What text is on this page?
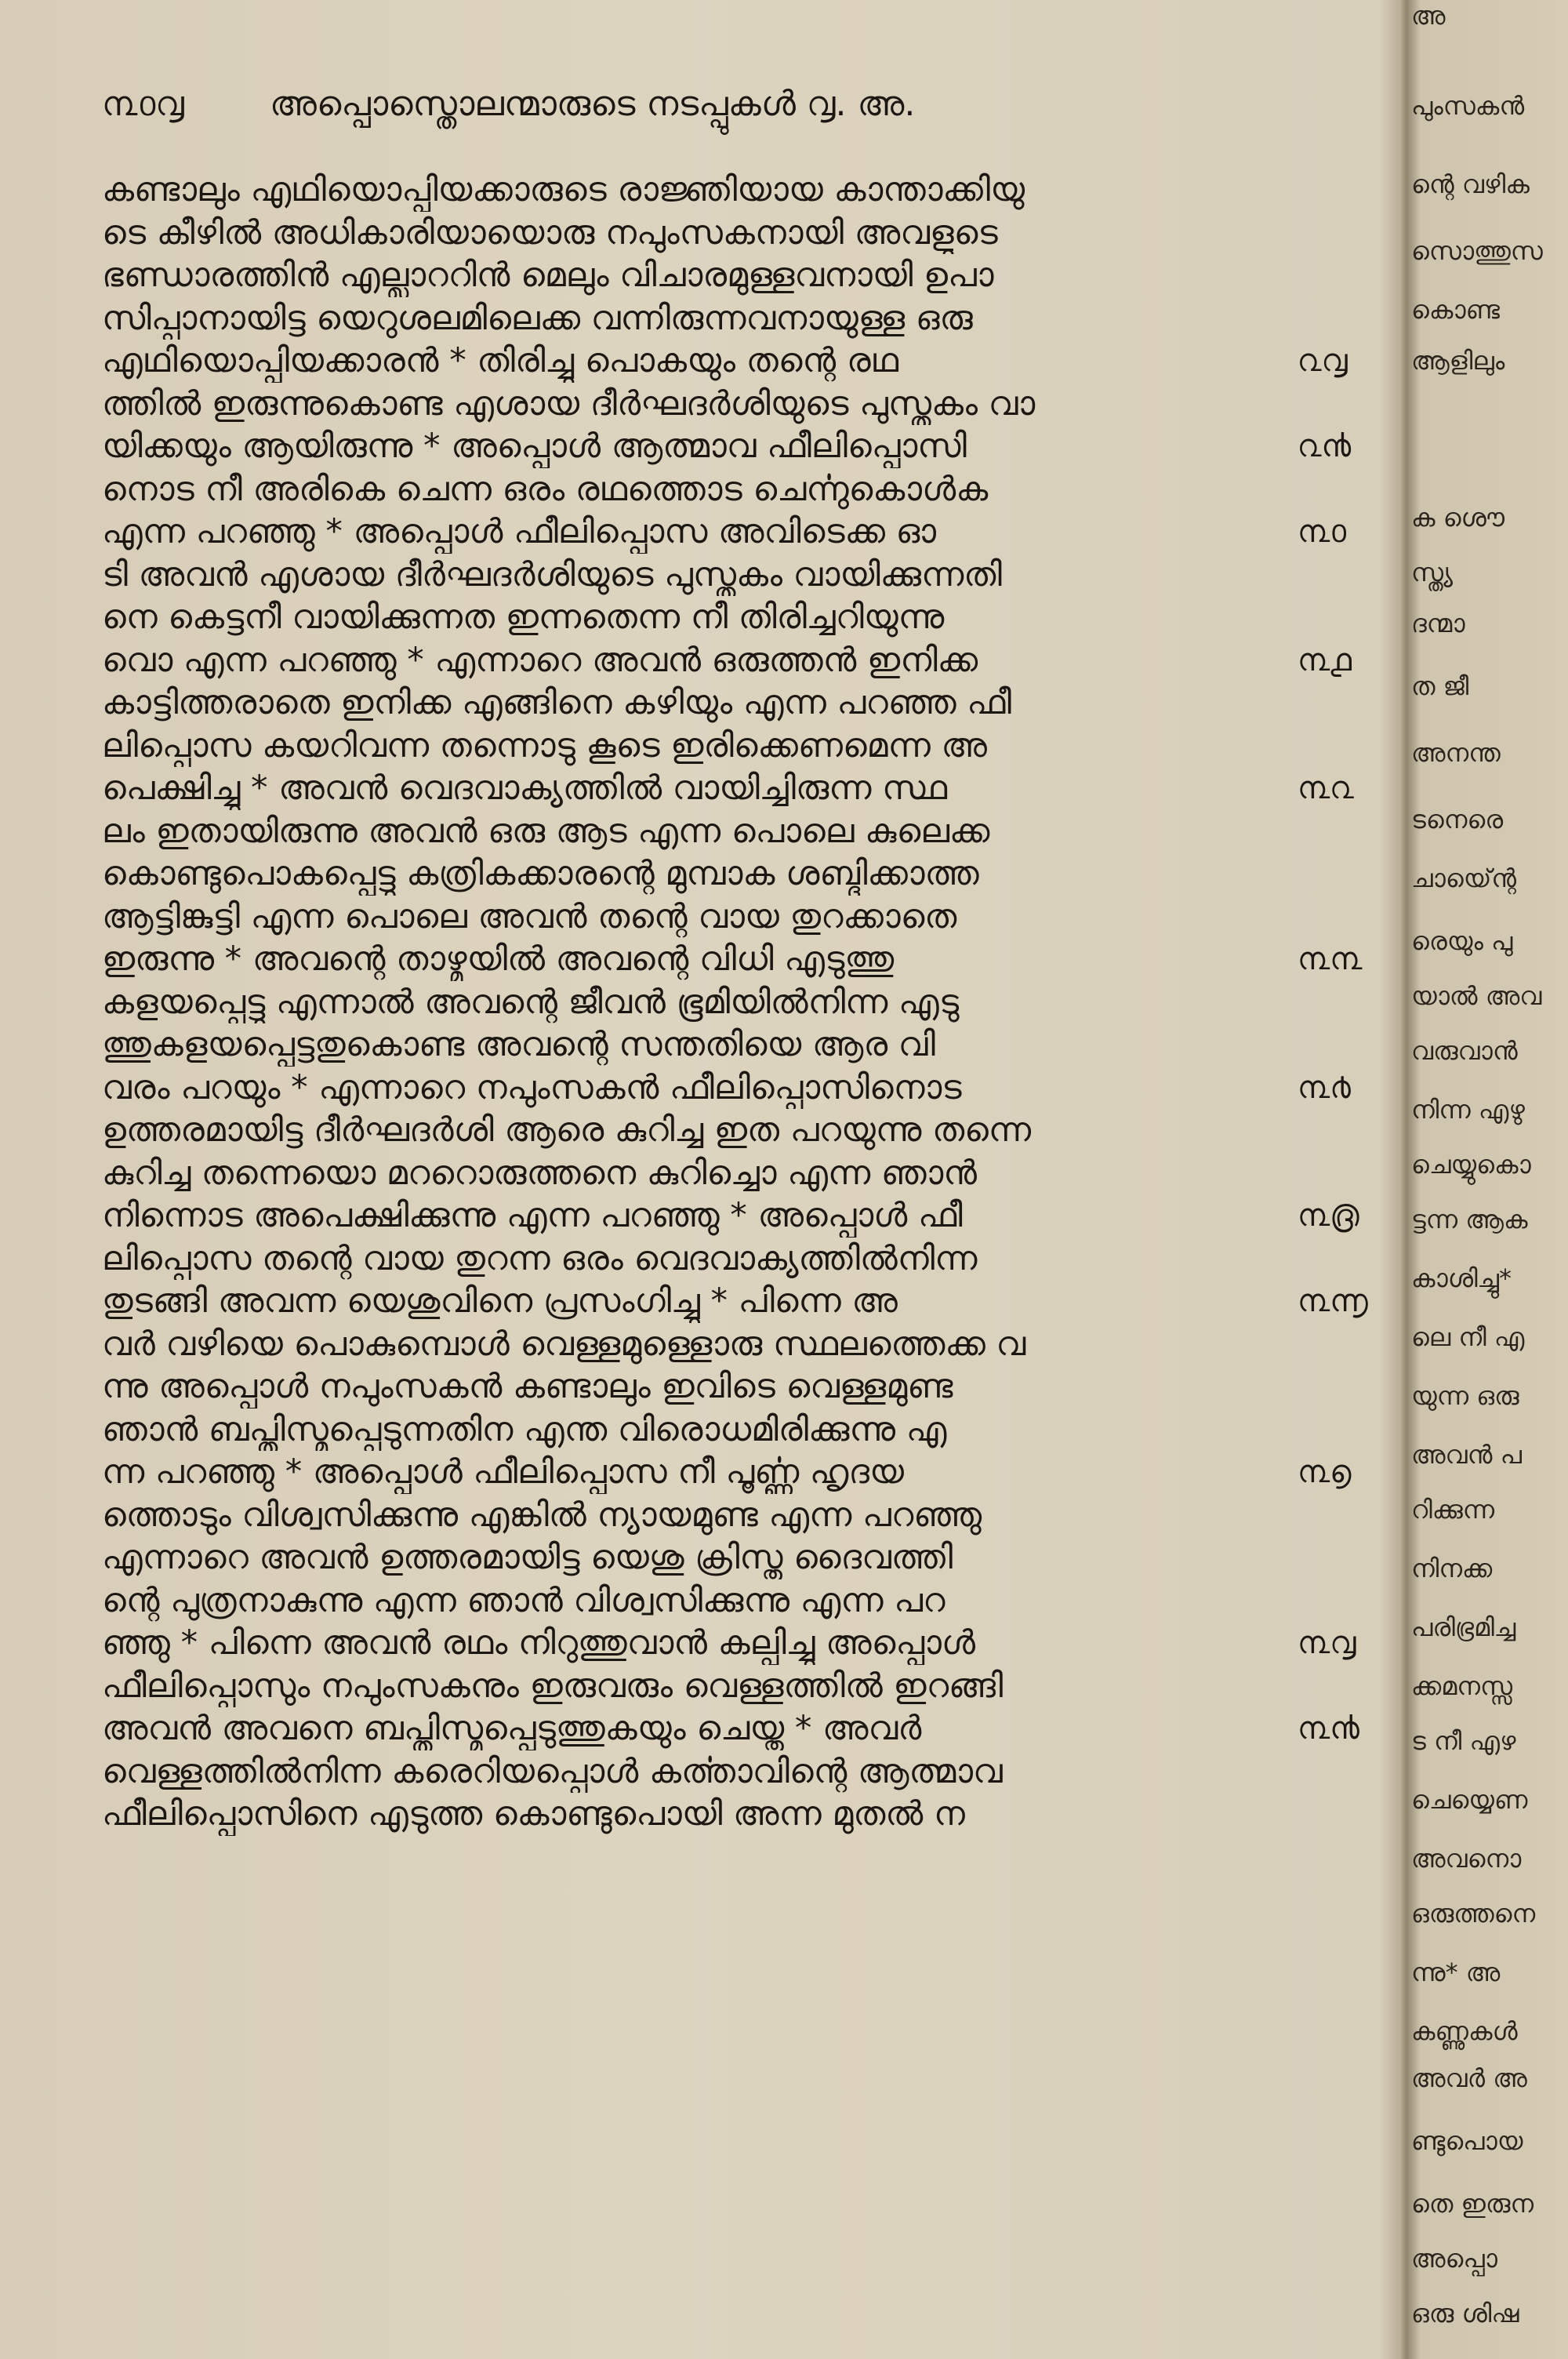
൩൦൮ അപ്പൊസ്തൊലന്മാരുടെ നടപ്പുകൾ ൮. അ.
കണ്ടാലും എഥിയൊപ്പിയക്കാരുടെ രാജ്ഞിയായ കാന്താക്കിയു
ടെ കീഴിൽ അധികാരിയായൊരു നപുംസകനായി അവളുടെ
ഭണ്ഡാരത്തിൻ എല്ലാററിൻ മെലും വിചാരമുള്ളവനായി ഉപാ
സിപ്പാനായിട്ട യെറുശലമിലെക്ക വന്നിരുന്നവനായുള്ള ഒരു
എഥിയൊപ്പിയക്കാരൻ * തിരിച്ചു പൊകയും തന്റെ രഥ
ത്തിൽ ഇരുന്നുകൊണ്ട എശായ ദീർഘദർശിയുടെ പുസ്തകം വാ
യിക്കയും ആയിരുന്നു * അപ്പൊൾ ആത്മാവ ഫീലിപ്പൊസി
നൊട നീ അരികെ ചെന്ന ഒരം രഥത്തൊട ചെൎന്നുകൊൾക
എന്ന പറഞ്ഞു * അപ്പൊൾ ഫീലിപ്പൊസ അവിടെക്ക ഓ
ടി അവൻ എശായ ദീർഘദർശിയുടെ പുസ്തകം വായിക്കുന്നതി
നെ കെട്ടനീ വായിക്കുന്നത ഇന്നതെന്ന നീ തിരിച്ചറിയുന്നു
വൊ എന്ന പറഞ്ഞു * എന്നാറെ അവൻ ഒരുത്തൻ ഇനിക്ക
കാട്ടിത്തരാതെ ഇനിക്ക എങ്ങിനെ കഴിയും എന്ന പറഞ്ഞ ഫീ
ലിപ്പൊസ കയറിവന്ന തന്നൊടു കൂടെ ഇരിക്കെണമെന്ന അ
പെക്ഷിച്ചു * അവൻ വെദവാക്യത്തിൽ വായിച്ചിരുന്ന സ്ഥ
ലം ഇതായിരുന്നു അവൻ ഒരു ആട എന്ന പൊലെ കുലെക്ക
കൊണ്ടുപൊകപ്പെട്ടു കത്രികക്കാരന്റെ മുമ്പാക ശബ്ദിക്കാത്ത
ആട്ടിങ്കുട്ടി എന്ന പൊലെ അവൻ തന്റെ വായ തുറക്കാതെ
ഇരുന്നു * അവന്റെ താഴ്മയിൽ അവന്റെ വിധി എടുത്തു
കളയപ്പെട്ടു എന്നാൽ അവന്റെ ജീവൻ ഭൂമിയിൽനിന്ന എടു
ത്തുകളയപ്പെട്ടതുകൊണ്ട അവന്റെ സന്തതിയെ ആര വി
വരം പറയും * എന്നാറെ നപുംസകൻ ഫീലിപ്പൊസിനൊട
ഉത്തരമായിട്ട ദീർഘദർശി ആരെ കുറിച്ച ഇത പറയുന്നു തന്നെ
കുറിച്ച തന്നെയൊ മററൊരുത്തനെ കുറിച്ചൊ എന്ന ഞാൻ
നിന്നൊട അപെക്ഷിക്കുന്നു എന്ന പറഞ്ഞു * അപ്പൊൾ ഫീ
ലിപ്പൊസ തന്റെ വായ തുറന്ന ഒരം വെദവാക്യത്തിൽനിന്ന
തുടങ്ങി അവന്ന യെശുവിനെ പ്രസംഗിച്ചു * പിന്നെ അ
വർ വഴിയെ പൊകുമ്പൊൾ വെള്ളമുള്ളൊരു സ്ഥലത്തെക്ക വ
ന്നു അപ്പൊൾ നപുംസകൻ കണ്ടാലും ഇവിടെ വെള്ളമുണ്ട
ഞാൻ ബപ്തിസ്മപ്പെടുന്നതിന എന്ത വിരൊധമിരിക്കുന്നു എ
ന്ന പറഞ്ഞു * അപ്പൊൾ ഫീലിപ്പൊസ നീ പൂൎണ്ണ ഹൃദയ
ത്തൊടും വിശ്വസിക്കുന്നു എങ്കിൽ ന്യായമുണ്ട എന്ന പറഞ്ഞു
എന്നാറെ അവൻ ഉത്തരമായിട്ട യെശു ക്രിസ്തു ദൈവത്തി
ന്റെ പുത്രനാകുന്നു എന്ന ഞാൻ വിശ്വസിക്കുന്നു എന്ന പറ
ഞ്ഞു * പിന്നെ അവൻ രഥം നിറുത്തുവാൻ കല്പിച്ചു അപ്പൊൾ
ഫീലിപ്പൊസും നപുംസകനും ഇരുവരും വെള്ളത്തിൽ ഇറങ്ങി
അവൻ അവനെ ബപ്തിസ്മപ്പെടുത്തുകയും ചെയ്തു * അവർ
വെള്ളത്തിൽനിന്ന കരെറിയപ്പൊൾ കൎത്താവിന്റെ ആത്മാവ
ഫീലിപ്പൊസിനെ എടുത്ത കൊണ്ടുപൊയി അന്ന മുതൽ ന
൨൮
൨൯
൩൦
൩൧
൩൨
൩൩
൩൪
൩൫
൩൬
൩൭
൩൮
൩൯
അ
പുംസകൻ
ന്റെ വഴിക
സൊത്തുസ
കൊണ്ട
ആളിലും
ക ശൌ
സ്ത്യ
ദന്മാ
ത ജീ
അനന്ത
ടനെരെ
ചായ്ന്റെ
രെയും പു
യാൽ അവ
വരുവാൻ
നിന്ന എഴു
ചെയ്യുകൊ
ട്ടന്ന ആക
കാശിച്ചു*
ലെ നീ എ
യുന്ന ഒരു
അവൻ പ
റിക്കുന്ന
നിനക്ക
പരിഭ്രമിച്ച
ക്കമനസ്സ
ട നീ എഴ
ചെയ്യെണ
അവനൊ
ഒരുത്തനെ
ന്നു* അ
കണ്ണുകൾ
അവർ അ
ണ്ടുപൊയ
തെ ഇരുന
അപ്പൊ
ഒരു ശിഷ
